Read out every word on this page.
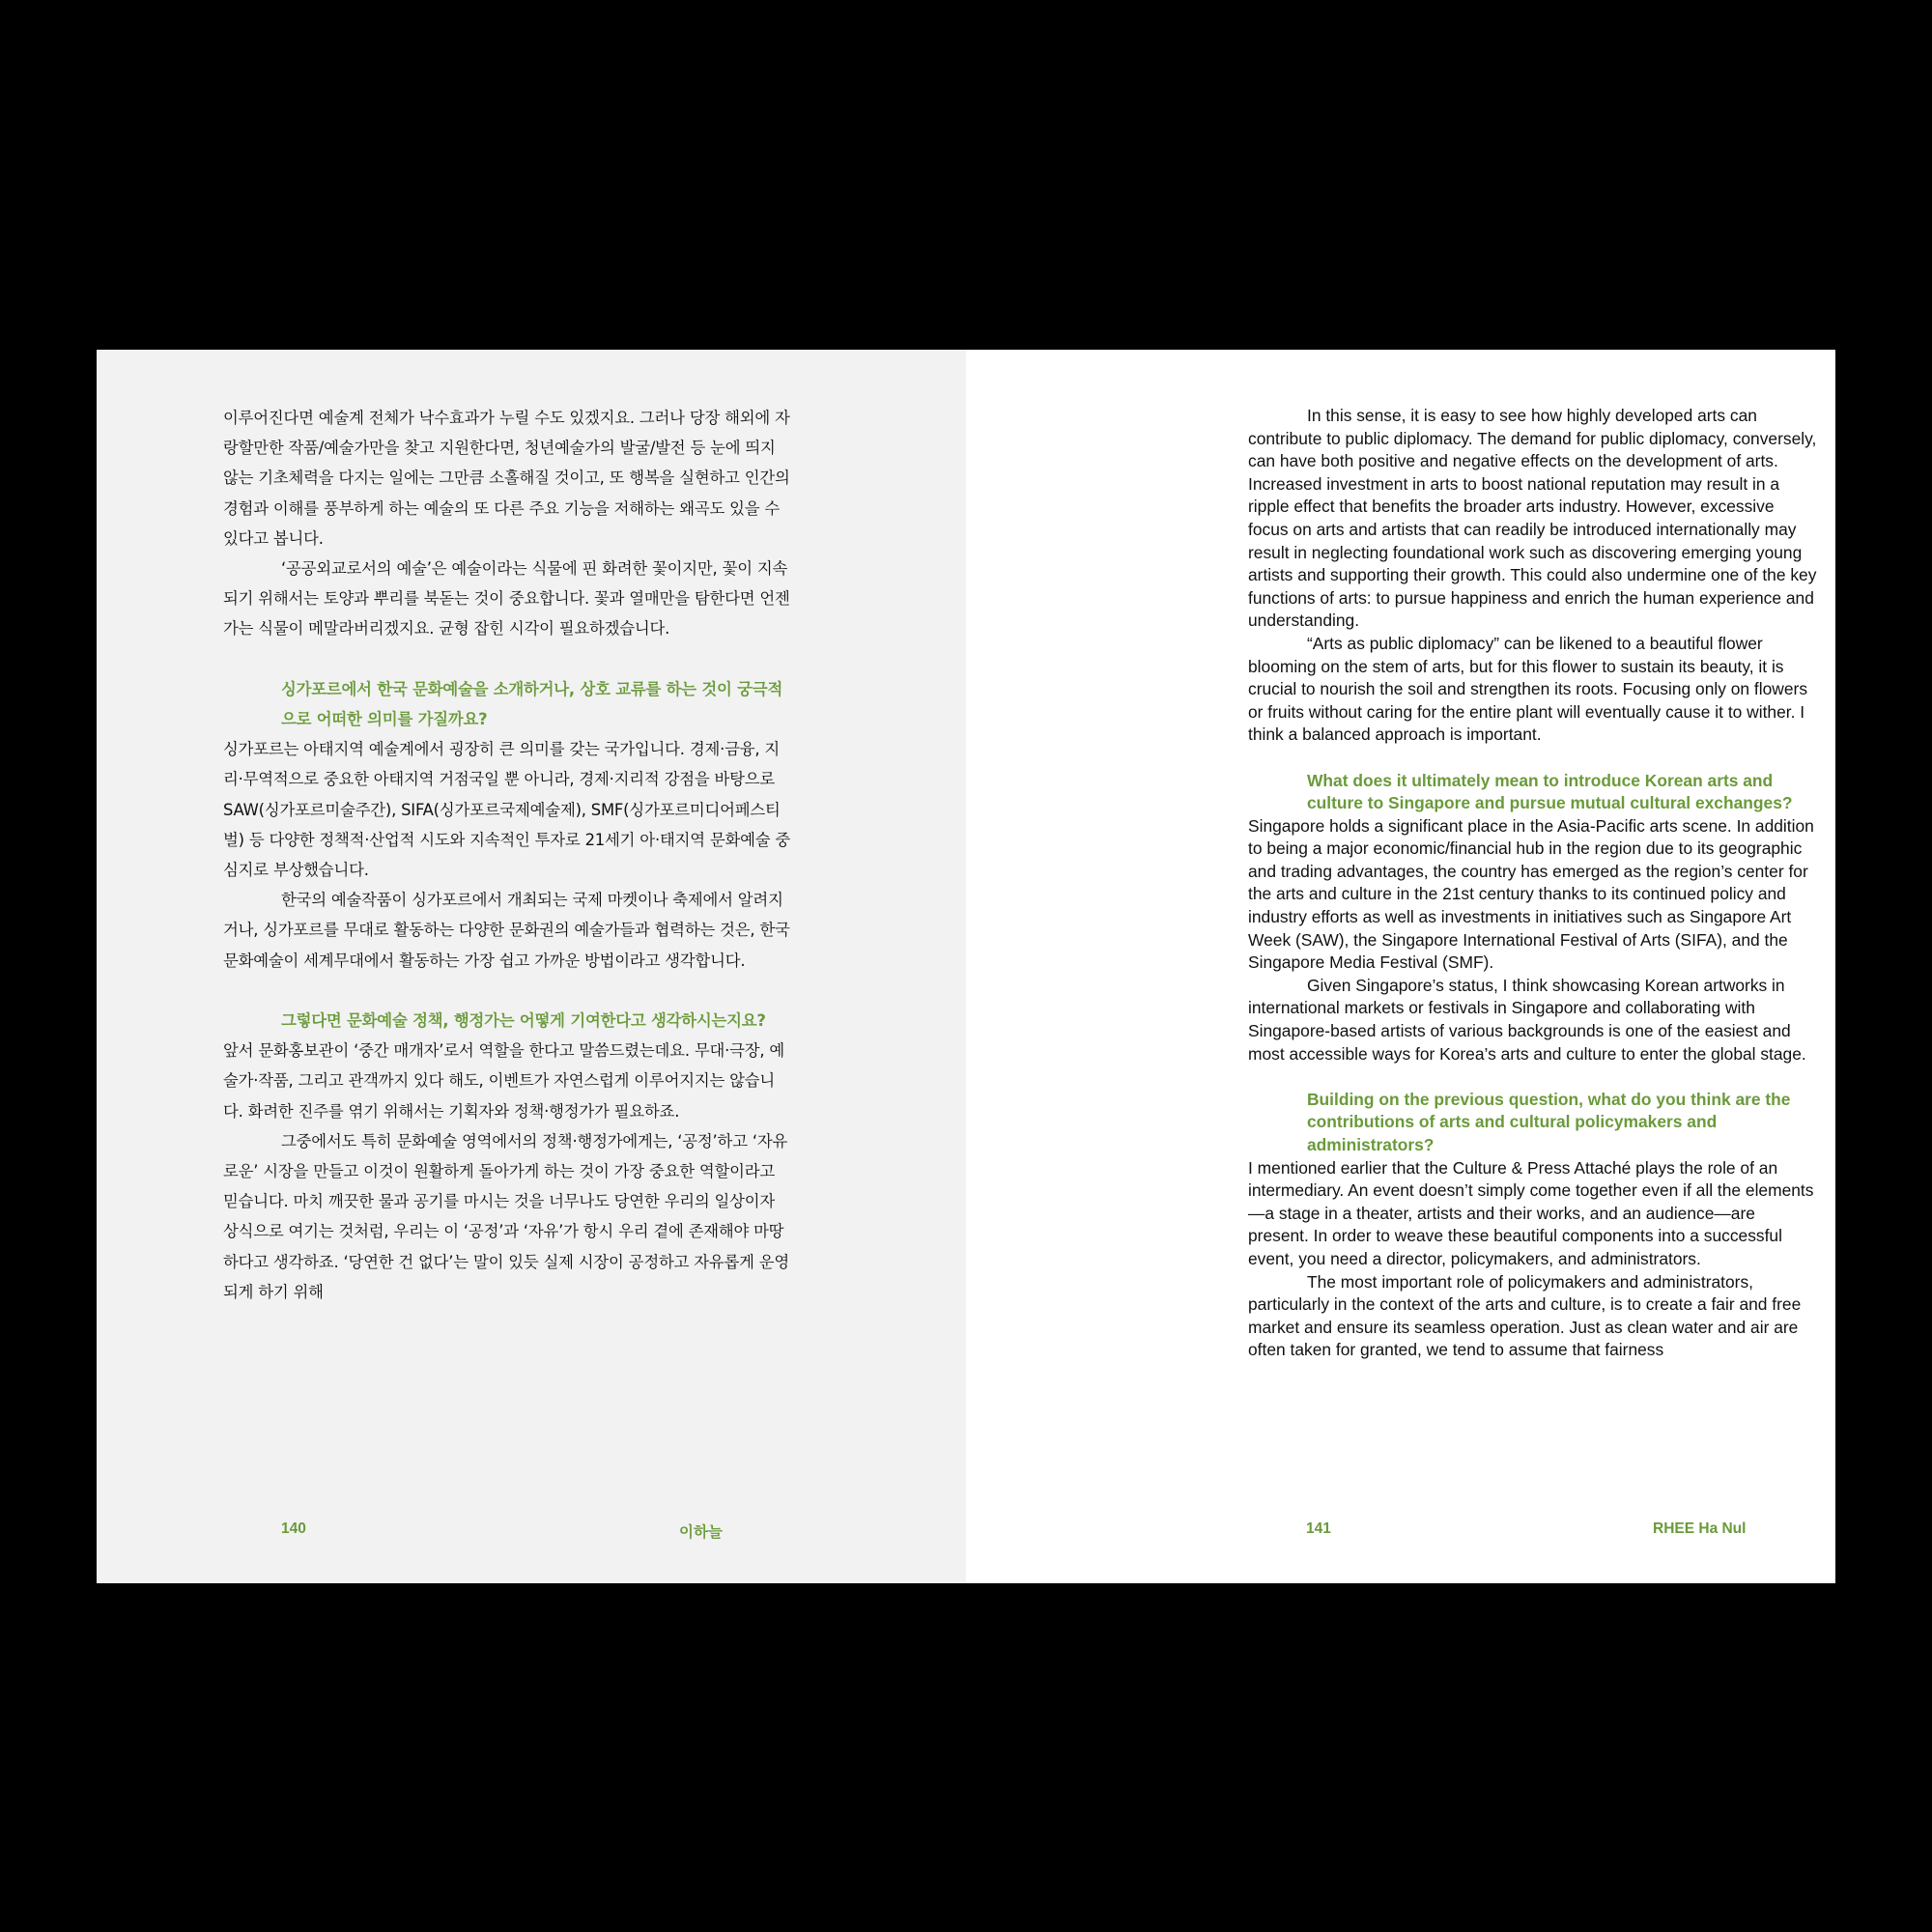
이루어진다면 예술계 전체가 낙수효과가 누릴 수도 있겠지요. 그러나 당장 해외에 자랑할만한 작품/예술가만을 찾고 지원한다면, 청년예술가의 발굴/발전 등 눈에 띄지 않는 기초체력을 다지는 일에는 그만큼 소홀해질 것이고, 또 행복을 실현하고 인간의 경험과 이해를 풍부하게 하는 예술의 또 다른 주요 기능을 저해하는 왜곡도 있을 수 있다고 봅니다.

‘공공외교로서의 예술’은 예술이라는 식물에 핀 화려한 꽃이지만, 꽃이 지속되기 위해서는 토양과 뿌리를 북돋는 것이 중요합니다. 꽃과 열매만을 탐한다면 언젠가는 식물이 메말라버리겠지요. 균형 잡힌 시각이 필요하겠습니다.

싱가포르에서 한국 문화예술을 소개하거나, 상호 교류를 하는 것이 궁극적으로 어떠한 의미를 가질까요?

싱가포르는 아태지역 예술계에서 굉장히 큰 의미를 갖는 국가입니다. 경제·금융, 지리·무역적으로 중요한 아태지역 거점국일 뿐 아니라, 경제·지리적 강점을 바탕으로 SAW(싱가포르미술주간), SIFA(싱가포르국제예술제), SMF(싱가포르미디어페스티벌) 등 다양한 정책적·산업적 시도와 지속적인 투자로 21세기 아·태지역 문화예술 중심지로 부상했습니다.

한국의 예술작품이 싱가포르에서 개최되는 국제 마켓이나 축제에서 알려지거나, 싱가포르를 무대로 활동하는 다양한 문화권의 예술가들과 협력하는 것은, 한국 문화예술이 세계무대에서 활동하는 가장 쉽고 가까운 방법이라고 생각합니다.

그렇다면 문화예술 정책, 행정가는 어떻게 기여한다고 생각하시는지요?

앞서 문화홍보관이 ‘중간 매개자’로서 역할을 한다고 말씀드렸는데요. 무대·극장, 예술가·작품, 그리고 관객까지 있다 해도, 이벤트가 자연스럽게 이루어지지는 않습니다. 화려한 진주를 엮기 위해서는 기획자와 정책·행정가가 필요하죠.

그중에서도 특히 문화예술 영역에서의 정책·행정가에게는, ‘공정’하고 ‘자유로운’ 시장을 만들고 이것이 원활하게 돌아가게 하는 것이 가장 중요한 역할이라고 믿습니다. 마치 깨끗한 물과 공기를 마시는 것을 너무나도 당연한 우리의 일상이자 상식으로 여기는 것처럼, 우리는 이 ‘공정’과 ‘자유’가 항시 우리 곁에 존재해야 마땅하다고 생각하죠. ‘당연한 건 없다’는 말이 있듯 실제 시장이 공정하고 자유롭게 운영되게 하기 위해

140	이하늘

In this sense, it is easy to see how highly developed arts can contribute to public diplomacy. The demand for public diplomacy, conversely, can have both positive and negative effects on the development of arts. Increased investment in arts to boost national reputation may result in a ripple effect that benefits the broader arts industry. However, excessive focus on arts and artists that can readily be introduced internationally may result in neglecting foundational work such as discovering emerging young artists and supporting their growth. This could also undermine one of the key functions of arts: to pursue happiness and enrich the human experience and understanding.

“Arts as public diplomacy” can be likened to a beautiful flower blooming on the stem of arts, but for this flower to sustain its beauty, it is crucial to nourish the soil and strengthen its roots. Focusing only on flowers or fruits without caring for the entire plant will eventually cause it to wither. I think a balanced approach is important.

What does it ultimately mean to introduce Korean arts and culture to Singapore and pursue mutual cultural exchanges?

Singapore holds a significant place in the Asia-Pacific arts scene. In addition to being a major economic/financial hub in the region due to its geographic and trading advantages, the country has emerged as the region’s center for the arts and culture in the 21st century thanks to its continued policy and industry efforts as well as investments in initiatives such as Singapore Art Week (SAW), the Singapore International Festival of Arts (SIFA), and the Singapore Media Festival (SMF).

Given Singapore’s status, I think showcasing Korean artworks in international markets or festivals in Singapore and collaborating with Singapore-based artists of various backgrounds is one of the easiest and most accessible ways for Korea’s arts and culture to enter the global stage.

Building on the previous question, what do you think are the contributions of arts and cultural policymakers and administrators?

I mentioned earlier that the Culture & Press Attaché plays the role of an intermediary. An event doesn’t simply come together even if all the elements—a stage in a theater, artists and their works, and an audience—are present. In order to weave these beautiful components into a successful event, you need a director, policymakers, and administrators.

The most important role of policymakers and administrators, particularly in the context of the arts and culture, is to create a fair and free market and ensure its seamless operation. Just as clean water and air are often taken for granted, we tend to assume that fairness

141	RHEE Ha Nul
